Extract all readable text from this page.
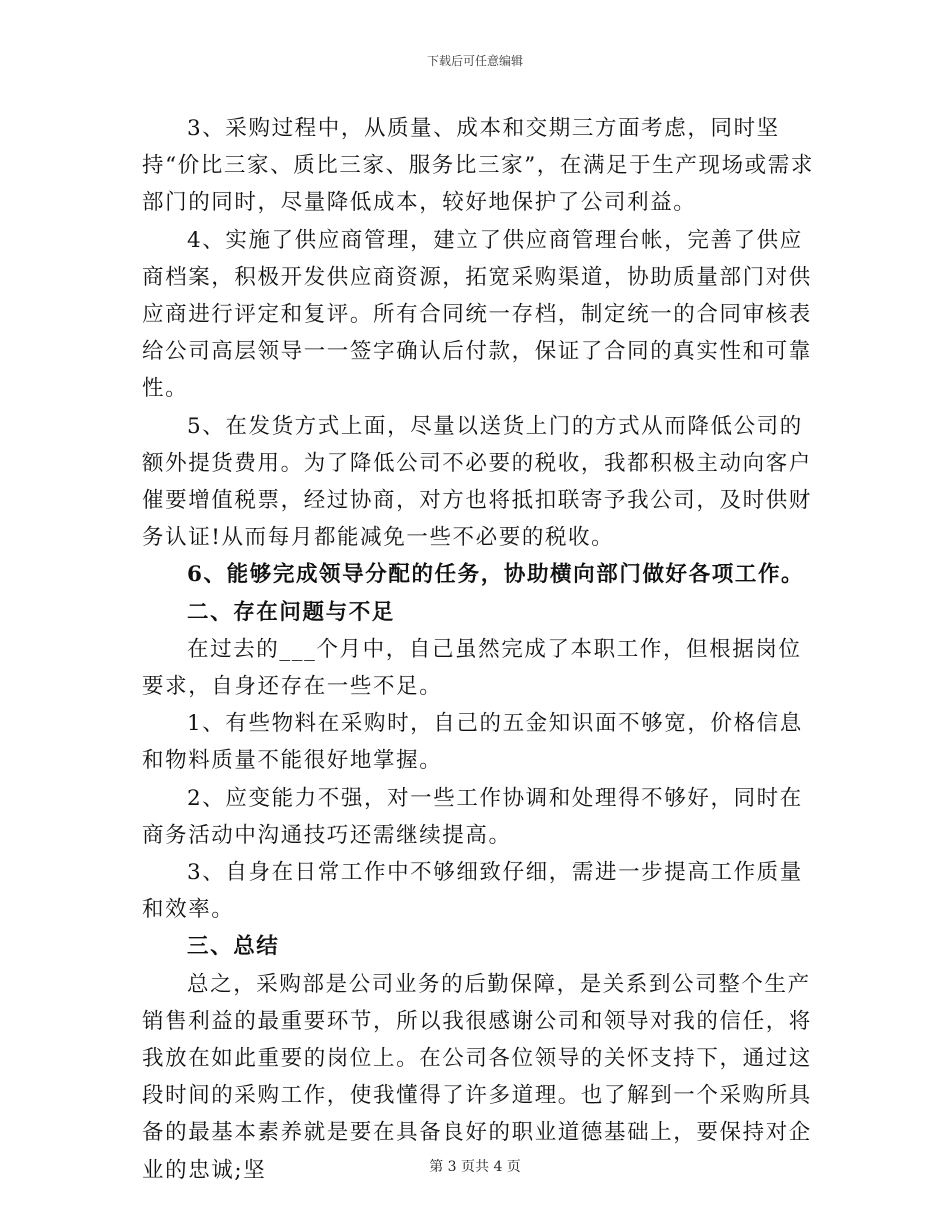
下载后可任意编辑

3、采购过程中，从质量、成本和交期三方面考虑，同时坚持“价比三家、质比三家、服务比三家”，在满足于生产现场或需求部门的同时，尽量降低成本，较好地保护了公司利益。

4、实施了供应商管理，建立了供应商管理台帐，完善了供应商档案，积极开发供应商资源，拓宽采购渠道，协助质量部门对供应商进行评定和复评。所有合同统一存档，制定统一的合同审核表给公司高层领导一一签字确认后付款，保证了合同的真实性和可靠性。

5、在发货方式上面，尽量以送货上门的方式从而降低公司的额外提货费用。为了降低公司不必要的税收，我都积极主动向客户催要增值税票，经过协商，对方也将抵扣联寄予我公司，及时供财务认证!从而每月都能减免一些不必要的税收。

6、能够完成领导分配的任务，协助横向部门做好各项工作。

二、存在问题与不足

在过去的___个月中，自己虽然完成了本职工作，但根据岗位要求，自身还存在一些不足。

1、有些物料在采购时，自己的五金知识面不够宽，价格信息和物料质量不能很好地掌握。

2、应变能力不强，对一些工作协调和处理得不够好，同时在商务活动中沟通技巧还需继续提高。

3、自身在日常工作中不够细致仔细，需进一步提高工作质量和效率。

三、总结

总之，采购部是公司业务的后勤保障，是关系到公司整个生产销售利益的最重要环节，所以我很感谢公司和领导对我的信任，将我放在如此重要的岗位上。在公司各位领导的关怀支持下，通过这段时间的采购工作，使我懂得了许多道理。也了解到一个采购所具备的最基本素养就是要在具备良好的职业道德基础上，要保持对企业的忠诚;坚	第 3 页共 4 页
